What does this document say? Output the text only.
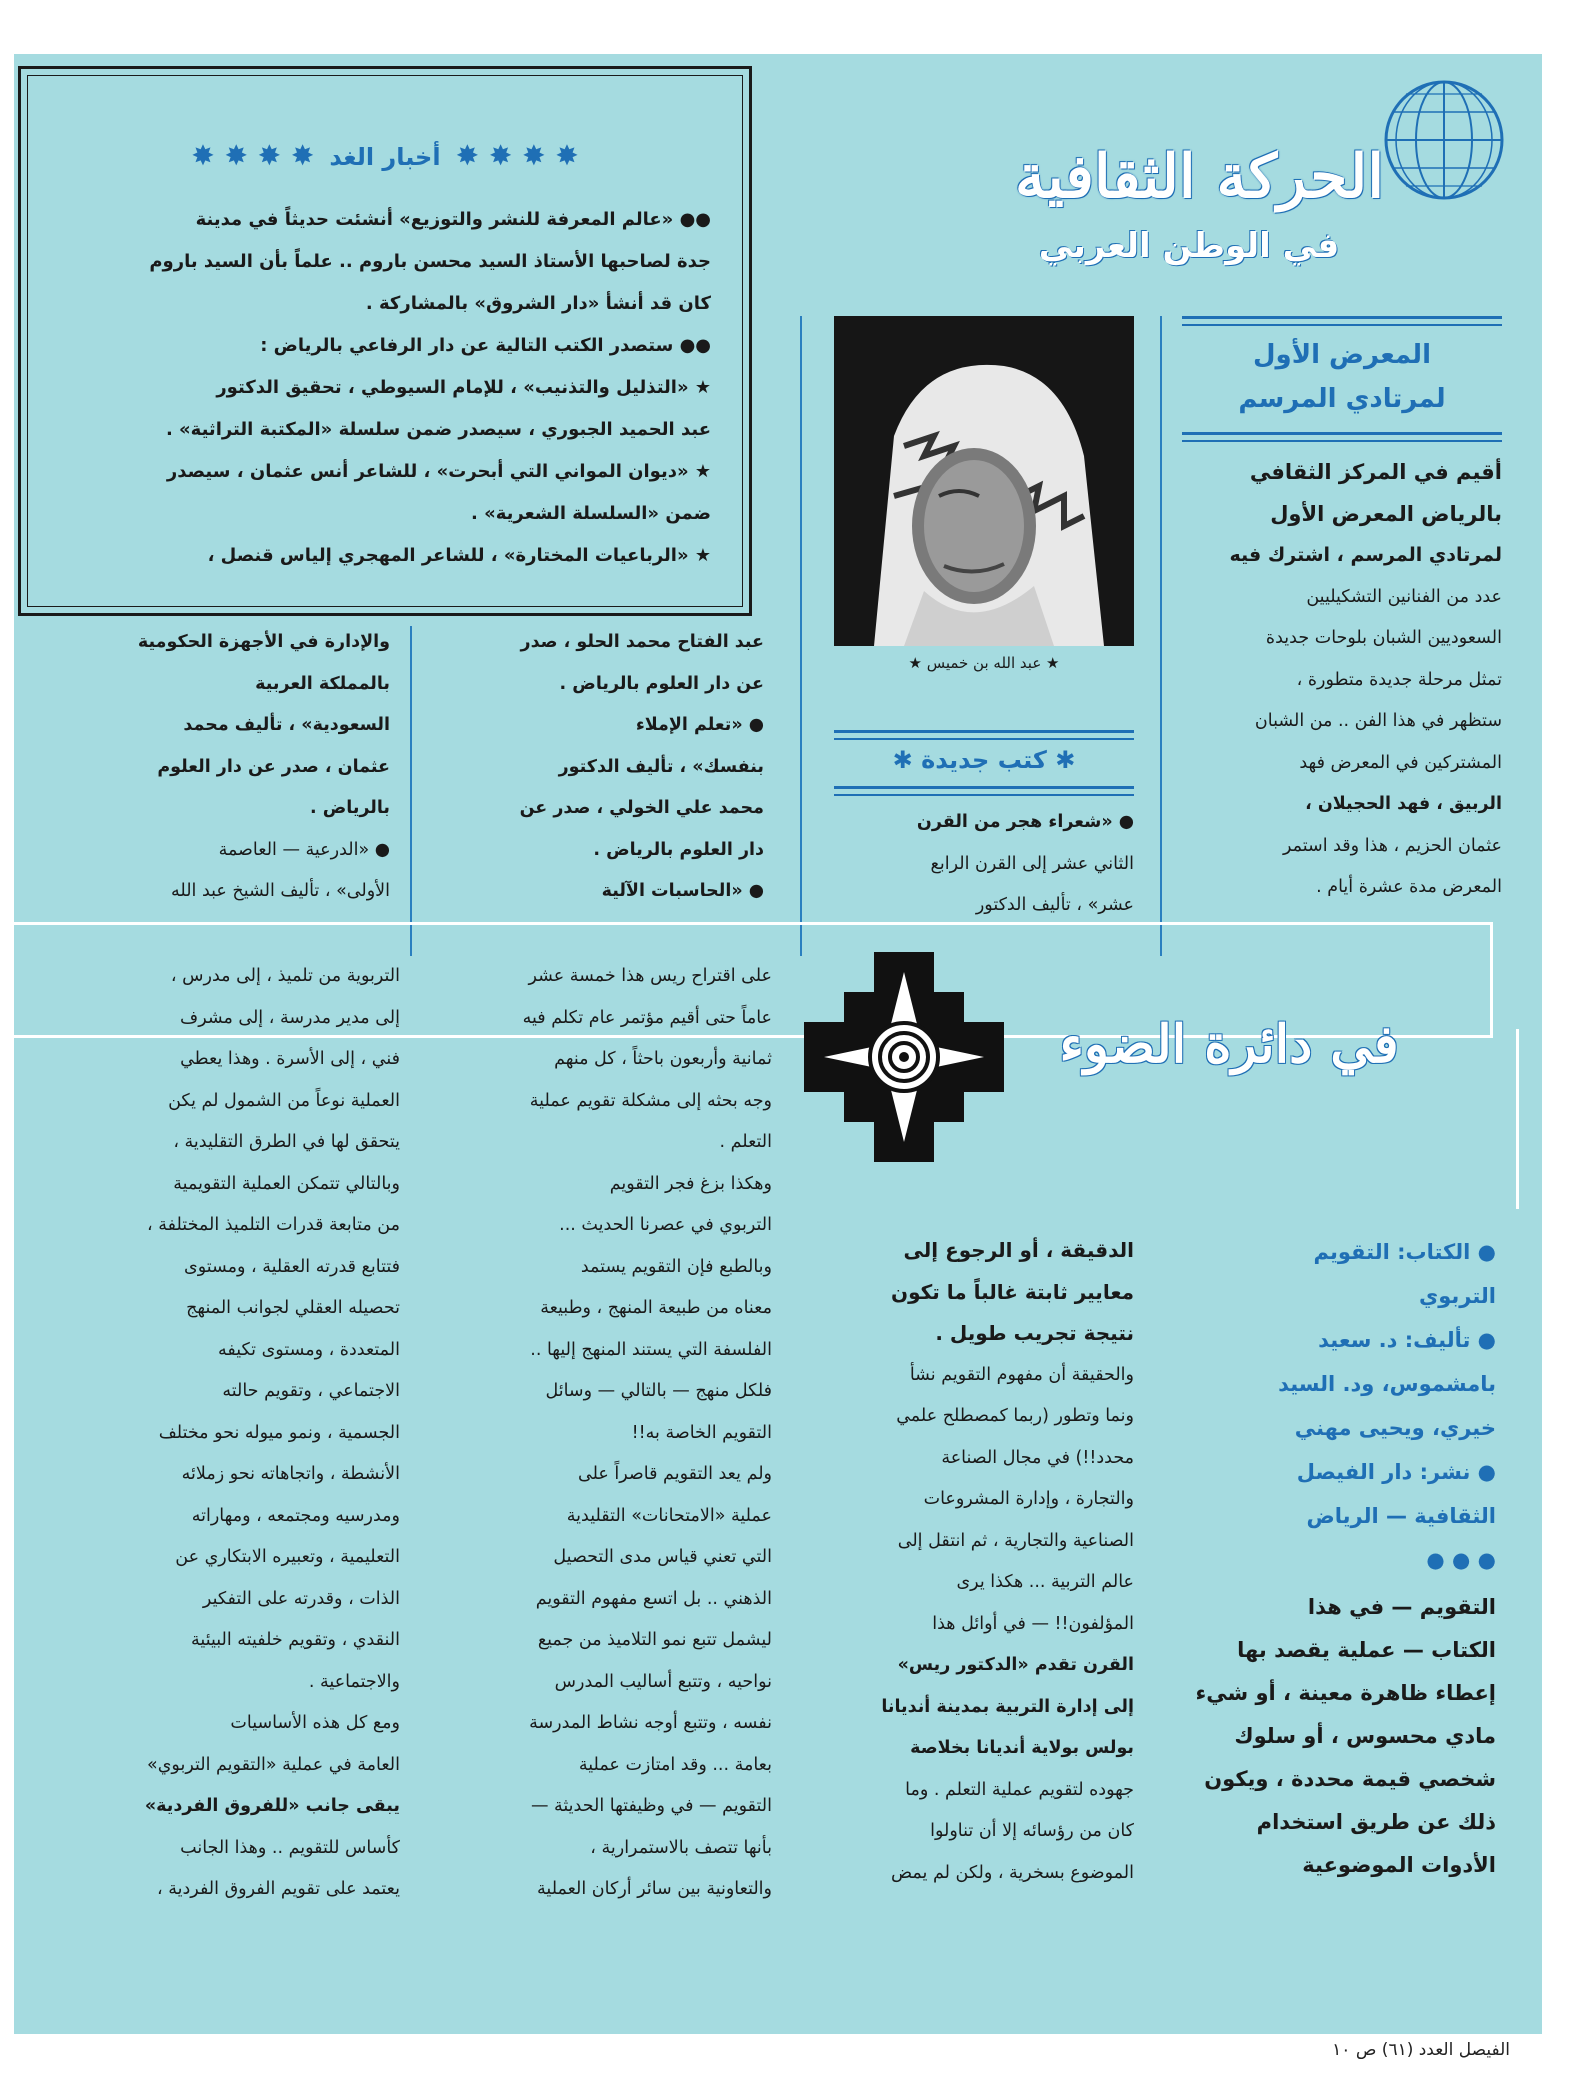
الحركة الثقافية
في الوطن العربي
✸ ✸ ✸ ✸ أخبار الغد ✸ ✸ ✸ ✸

●● «عالم المعرفة للنشر والتوزيع» أنشئت حديثاً في مدينة

جدة لصاحبها الأستاذ السيد محسن باروم .. علماً بأن السيد باروم

كان قد أنشأ «دار الشروق» بالمشاركة .

●● ستصدر الكتب التالية عن دار الرفاعي بالرياض :

★ «التذليل والتذنيب» ، للإمام السيوطي ، تحقيق الدكتور

عبد الحميد الجبوري ، سيصدر ضمن سلسلة «المكتبة التراثية» .

★ «ديوان المواني التي أبحرت» ، للشاعر أنس عثمان ، سيصدر

ضمن «السلسلة الشعرية» .

★ «الرباعيات المختارة» ، للشاعر المهجري إلياس قنصل ،

المعرض الأول
لمرتادي المرسم

أقيم في المركز الثقافي

بالرياض المعرض الأول

لمرتادي المرسم ، اشترك فيه

عدد من الفنانين التشكيليين

السعوديين الشبان بلوحات جديدة

تمثل مرحلة جديدة متطورة ،

ستظهر في هذا الفن .. من الشبان

المشتركين في المعرض فهد

الربيق ، فهد الحجيلان ،

عثمان الحزيم ، هذا وقد استمر

المعرض مدة عشرة أيام .

★ عبد الله بن خميس ★
✱ كتب جديدة ✱

● «شعراء هجر من القرن

الثاني عشر إلى القرن الرابع

عشر» ، تأليف الدكتور

عبد الفتاح محمد الحلو ، صدر

عن دار العلوم بالرياض .

● «تعلم الإملاء

بنفسك» ، تأليف الدكتور

محمد علي الخولي ، صدر عن

دار العلوم بالرياض .

● «الحاسبات الآلية

والإدارة في الأجهزة الحكومية

بالمملكة العربية

السعودية» ، تأليف محمد

عثمان ، صدر عن دار العلوم

بالرياض .

● «الدرعية — العاصمة

الأولى» ، تأليف الشيخ عبد الله

في دائرة الضوء

● الكتاب: التقويم

التربوي

● تأليف: د. سعيد

بامشموس، ود. السيد

خيري، ويحيى مهني

● نشر: دار الفيصل

الثقافية — الرياض

● ● ●

التقويم — في هذا

الكتاب — عملية يقصد بها

إعطاء ظاهرة معينة ، أو شيء

مادي محسوس ، أو سلوك

شخصي قيمة محددة ، ويكون

ذلك عن طريق استخدام

الأدوات الموضوعية

الدقيقة ، أو الرجوع إلى

معايير ثابتة غالباً ما تكون

نتيجة تجريب طويل .

والحقيقة أن مفهوم التقويم نشأ

ونما وتطور (ربما كمصطلح علمي

محدد!!) في مجال الصناعة

والتجارة ، وإدارة المشروعات

الصناعية والتجارية ، ثم انتقل إلى

عالم التربية ... هكذا يرى

المؤلفون!! — في أوائل هذا

القرن تقدم «الدكتور ريس»

إلى إدارة التربية بمدينة أنديانا

بولس بولاية أنديانا بخلاصة

جهوده لتقويم عملية التعلم . وما

كان من رؤسائه إلا أن تناولوا

الموضوع بسخرية ، ولكن لم يمض

على اقتراح ريس هذا خمسة عشر

عاماً حتى أقيم مؤتمر عام تكلم فيه

ثمانية وأربعون باحثاً ، كل منهم

وجه بحثه إلى مشكلة تقويم عملية

التعلم .

وهكذا بزغ فجر التقويم

التربوي في عصرنا الحديث ...

وبالطبع فإن التقويم يستمد

معناه من طبيعة المنهج ، وطبيعة

الفلسفة التي يستند المنهج إليها ..

فلكل منهج — بالتالي — وسائل

التقويم الخاصة به!!

ولم يعد التقويم قاصراً على

عملية «الامتحانات» التقليدية

التي تعني قياس مدى التحصيل

الذهني .. بل اتسع مفهوم التقويم

ليشمل تتبع نمو التلاميذ من جميع

نواحيه ، وتتبع أساليب المدرس

نفسه ، وتتبع أوجه نشاط المدرسة

بعامة ... وقد امتازت عملية

التقويم — في وظيفتها الحديثة —

بأنها تتصف بالاستمرارية ،

والتعاونية بين سائر أركان العملية

التربوية من تلميذ ، إلى مدرس ،

إلى مدير مدرسة ، إلى مشرف

فني ، إلى الأسرة . وهذا يعطي

العملية نوعاً من الشمول لم يكن

يتحقق لها في الطرق التقليدية ،

وبالتالي تتمكن العملية التقويمية

من متابعة قدرات التلميذ المختلفة ،

فتتابع قدرته العقلية ، ومستوى

تحصيله العقلي لجوانب المنهج

المتعددة ، ومستوى تكيفه

الاجتماعي ، وتقويم حالته

الجسمية ، ونمو ميوله نحو مختلف

الأنشطة ، واتجاهاته نحو زملائه

ومدرسيه ومجتمعه ، ومهاراته

التعليمية ، وتعبيره الابتكاري عن

الذات ، وقدرته على التفكير

النقدي ، وتقويم خلفيته البيئية

والاجتماعية .

ومع كل هذه الأساسيات

العامة في عملية «التقويم التربوي»

يبقى جانب «للفروق الفردية»

كأساس للتقويم .. وهذا الجانب

يعتمد على تقويم الفروق الفردية ،

الفيصل العدد (٦١) ص ١٠
